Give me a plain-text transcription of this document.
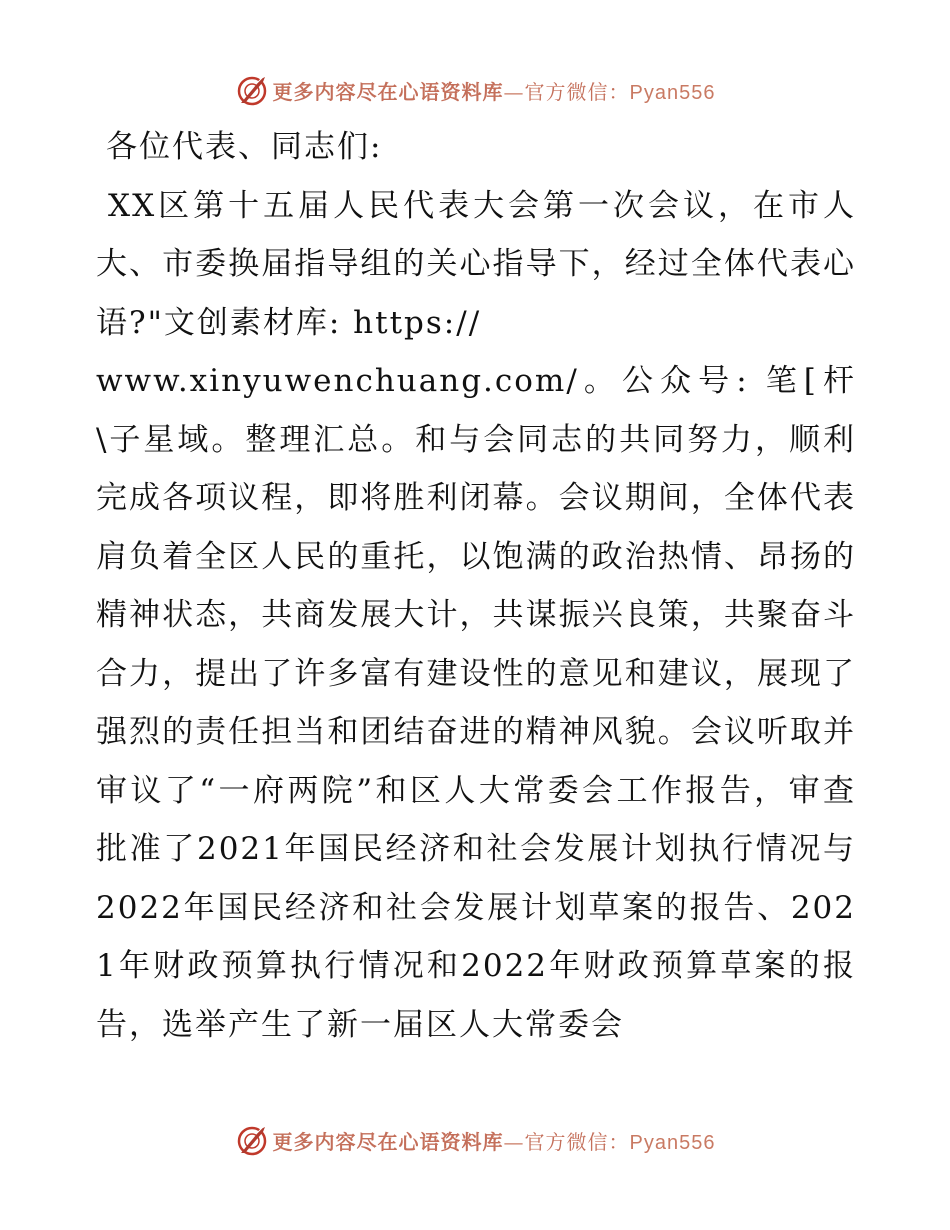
更多内容尽在心语资料库—官方微信：Pyan556

各位代表、同志们:

XX区第十五届人民代表大会第一次会议，在市人大、市委换届指导组的关心指导下，经过全体代表心语?"文创素材库: https://
www.xinyuwenchuang.com/。公众号: 笔[杆\子星域。整理汇总。和与会同志的共同努力，顺利完成各项议程，即将胜利闭幕。会议期间，全体代表肩负着全区人民的重托，以饱满的政治热情、昂扬的精神状态，共商发展大计，共谋振兴良策，共聚奋斗合力，提出了许多富有建设性的意见和建议，展现了强烈的责任担当和团结奋进的精神风貌。会议听取并审议了“一府两院”和区人大常委会工作报告，审查批准了2021年国民经济和社会发展计划执行情况与2022年国民经济和社会发展计划草案的报告、2021年财政预算执行情况和2022年财政预算草案的报告，选举产生了新一届区人大常委会

更多内容尽在心语资料库—官方微信：Pyan556
